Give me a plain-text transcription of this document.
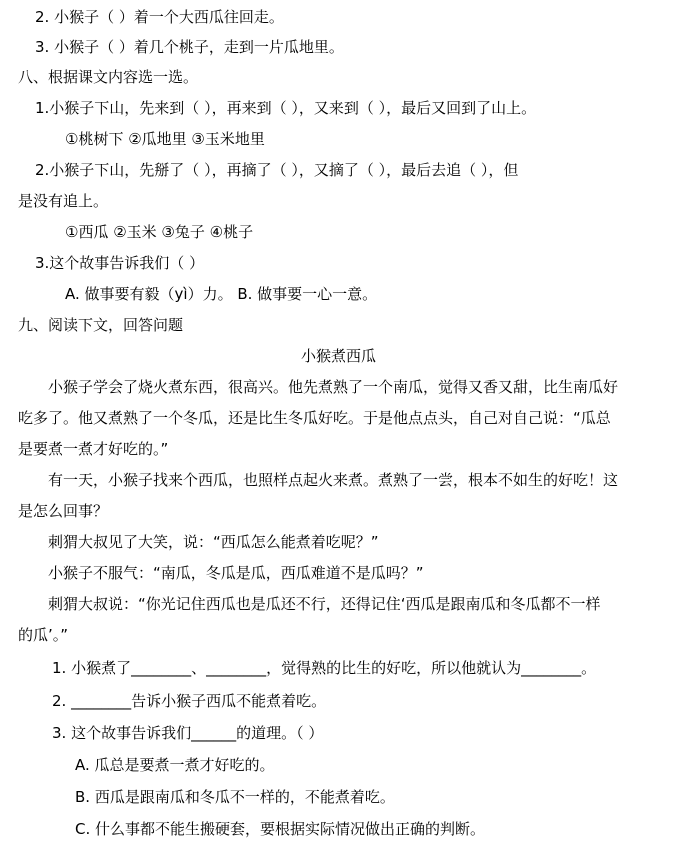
2. 小猴子（ ）着一个大西瓜往回走。
3. 小猴子（ ）着几个桃子，走到一片瓜地里。
八、根据课文内容选一选。
1.小猴子下山，先来到（ ），再来到（ ），又来到（ ），最后又回到了山上。
①桃树下 ②瓜地里 ③玉米地里
2.小猴子下山，先掰了（ ），再摘了（ ），又摘了（ ），最后去追（ ），但
是没有追上。
①西瓜 ②玉米 ③兔子 ④桃子
3.这个故事告诉我们（ ）
A. 做事要有毅（yì）力。 B. 做事要一心一意。
九、阅读下文，回答问题
小猴煮西瓜
小猴子学会了烧火煮东西，很高兴。他先煮熟了一个南瓜，觉得又香又甜，比生南瓜好
吃多了。他又煮熟了一个冬瓜，还是比生冬瓜好吃。于是他点点头，自己对自己说：“瓜总
是要煮一煮才好吃的。”
有一天，小猴子找来个西瓜，也照样点起火来煮。煮熟了一尝，根本不如生的好吃！这
是怎么回事？
刺猬大叔见了大笑，说：“西瓜怎么能煮着吃呢？”
小猴子不服气：“南瓜，冬瓜是瓜，西瓜难道不是瓜吗？”
刺猬大叔说：“你光记住西瓜也是瓜还不行，还得记住‘西瓜是跟南瓜和冬瓜都不一样
的瓜’。”
1. 小猴煮了________、________，觉得熟的比生的好吃，所以他就认为________。
2. ________告诉小猴子西瓜不能煮着吃。
3. 这个故事告诉我们______的道理。（ ）
A. 瓜总是要煮一煮才好吃的。
B. 西瓜是跟南瓜和冬瓜不一样的，不能煮着吃。
C. 什么事都不能生搬硬套，要根据实际情况做出正确的判断。
